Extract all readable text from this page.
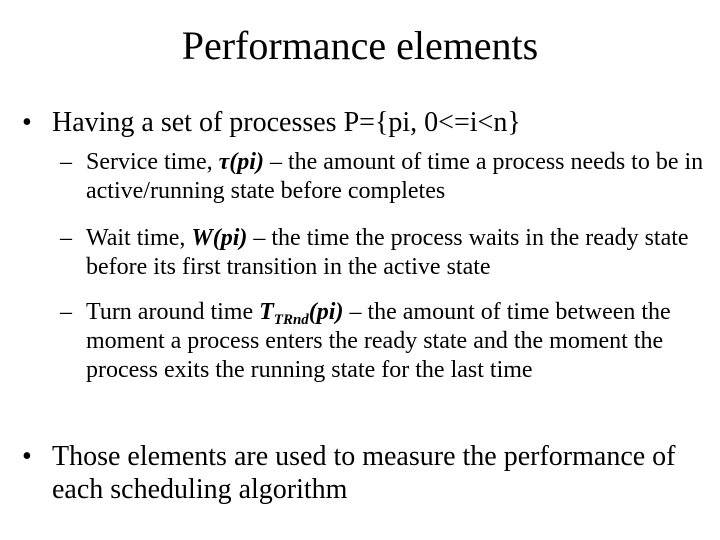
Performance elements
• Having a set of processes P={pi, 0<=i<n}
– Service time, τ(pi) – the amount of time a process needs to be in active/running state before completes
– Wait time, W(pi) – the time the process waits in the ready state before its first transition in the active state
– Turn around time $T_{TRnd}(pi)$ – the amount of time between the moment a process enters the ready state and the moment the process exits the running state for the last time
• Those elements are used to measure the performance of each scheduling algorithm
